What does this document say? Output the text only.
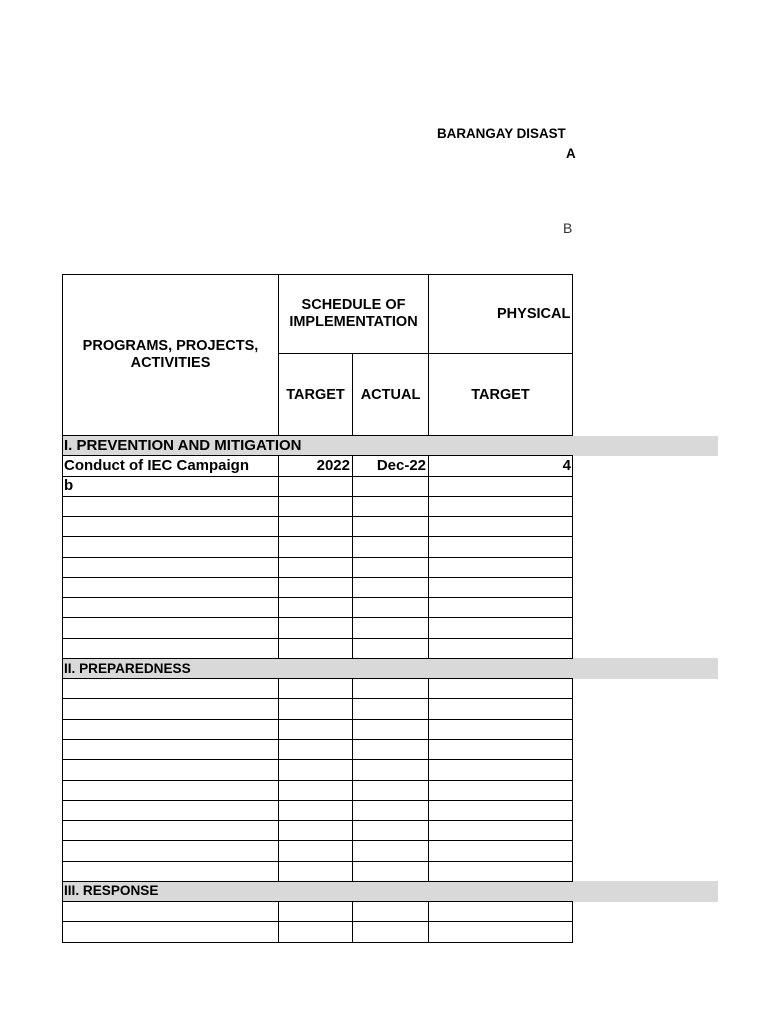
BARANGAY DISAST
A
B
PROGRAMS, PROJECTS, ACTIVITIES	SCHEDULE OF IMPLEMENTATION		PHYSICAL	
	TARGET	ACTUAL	TARGET	
I. PREVENTION AND MITIGATION				
Conduct of IEC Campaign	2022	Dec-22	4	
b				

II. PREPAREDNESS				

III. RESPONSE				
